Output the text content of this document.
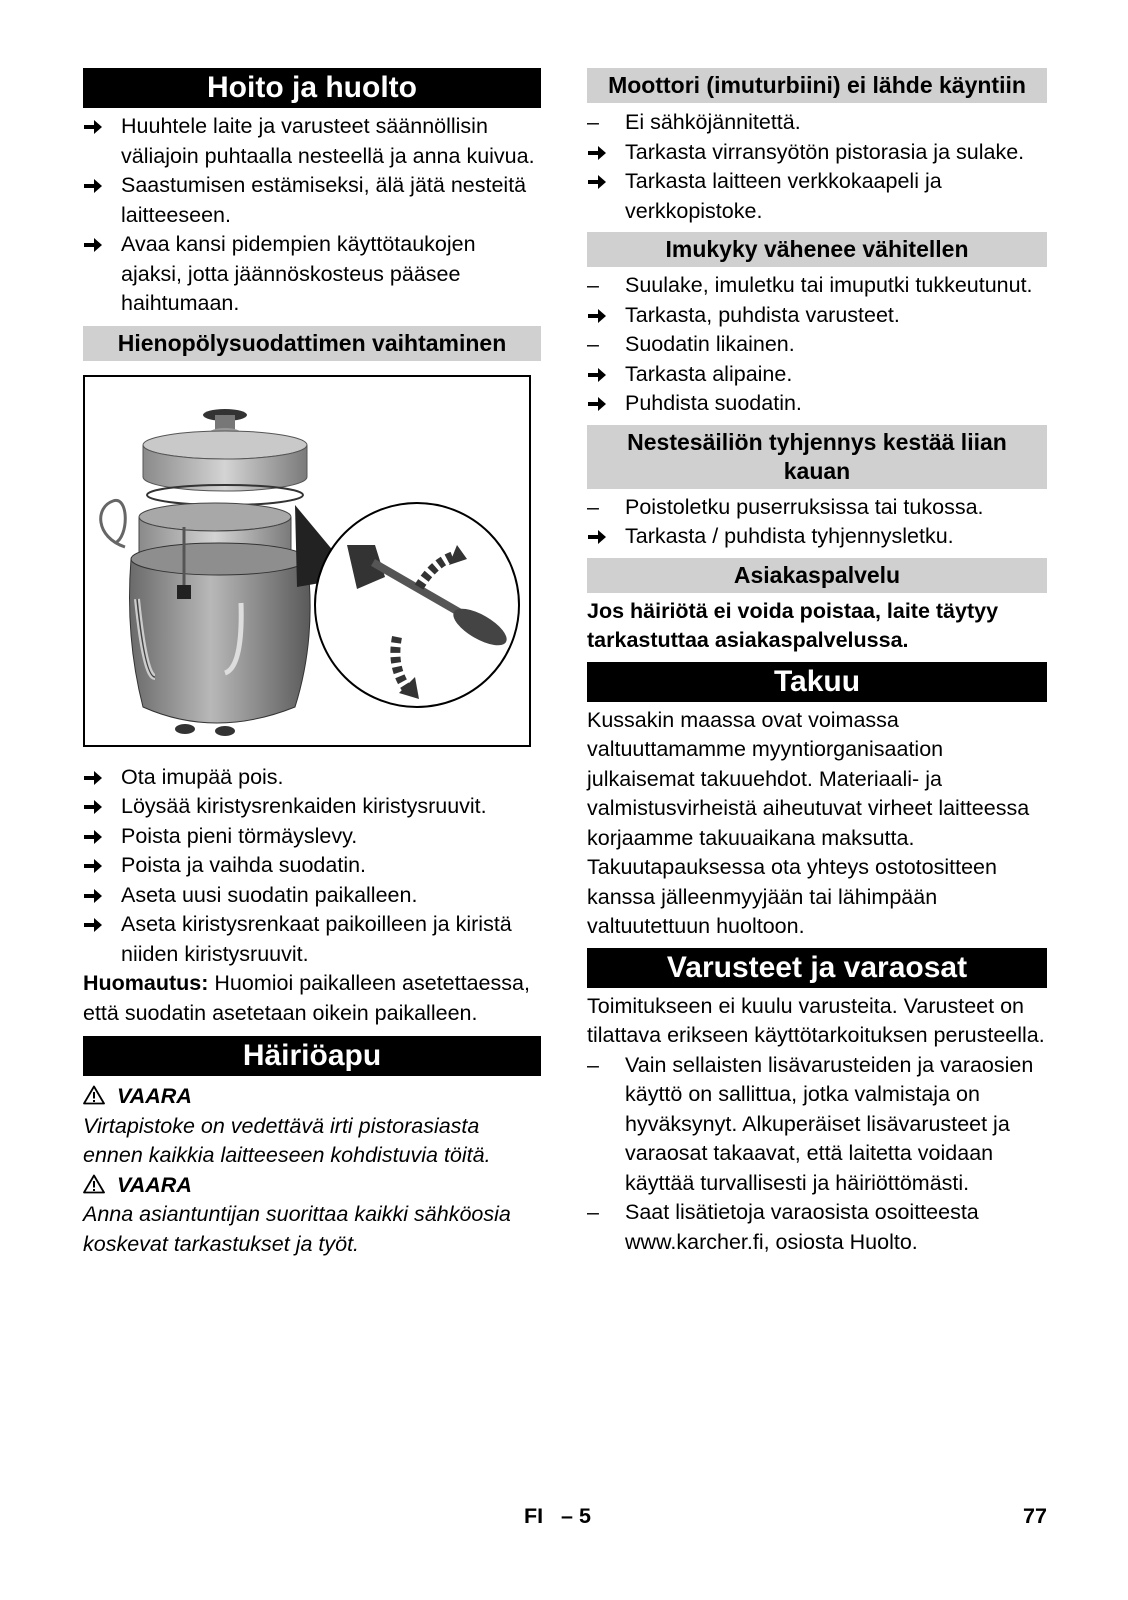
Hoito ja huolto
Huuhtele laite ja varusteet säännöllisin väliajoin puhtaalla nesteellä ja anna kuivua.
Saastumisen estämiseksi, älä jätä nesteitä laitteeseen.
Avaa kansi pidempien käyttötaukojen ajaksi, jotta jäännöskosteus pääsee haihtumaan.
Hienopölysuodattimen vaihtaminen
Ota imupää pois.
Löysää kiristysrenkaiden kiristysruuvit.
Poista pieni törmäyslevy.
Poista ja vaihda suodatin.
Aseta uusi suodatin paikalleen.
Aseta kiristysrenkaat paikoilleen ja kiristä niiden kiristysruuvit.

Huomautus: Huomioi paikalleen asetettaessa, että suodatin asetetaan oikein paikalleen.

Häiriöapu
VAARA

Virtapistoke on vedettävä irti pistorasiasta ennen kaikkia laitteeseen kohdistuvia töitä.

VAARA

Anna asiantuntijan suorittaa kaikki sähköosia koskevat tarkastukset ja työt.

Moottori (imuturbiini) ei lähde käyntiin
–	Ei sähköjännitettä.
Tarkasta virransyötön pistorasia ja sulake.
Tarkasta laitteen verkkokaapeli ja verkkopistoke.
Imukyky vähenee vähitellen
–	Suulake, imuletku tai imuputki tukkeutunut.
Tarkasta, puhdista varusteet.
–	Suodatin likainen.
Tarkasta alipaine.
Puhdista suodatin.
Nestesäiliön tyhjennys kestää liian kauan
–	Poistoletku puserruksissa tai tukossa.
Tarkasta / puhdista tyhjennysletku.
Asiakaspalvelu

Jos häiriötä ei voida poistaa, laite täytyy tarkastuttaa asiakaspalvelussa.

Takuu

Kussakin maassa ovat voimassa valtuuttamamme myyntiorganisaation julkaisemat takuuehdot. Materiaali- ja valmistusvirheistä aiheutuvat virheet laitteessa korjaamme takuuaikana maksutta. Takuutapauksessa ota yhteys ostotositteen kanssa jälleenmyyjään tai lähimpään valtuutettuun huoltoon.

Varusteet ja varaosat

Toimitukseen ei kuulu varusteita. Varusteet on tilattava erikseen käyttötarkoituksen perusteella.

–	Vain sellaisten lisävarusteiden ja varaosien käyttö on sallittua, jotka valmistaja on hyväksynyt. Alkuperäiset lisävarusteet ja varaosat takaavat, että laitetta voidaan käyttää turvallisesti ja häiriöttömästi.
–	Saat lisätietoja varaosista osoitteesta www.karcher.fi, osiosta Huolto.
FI   – 5	77
